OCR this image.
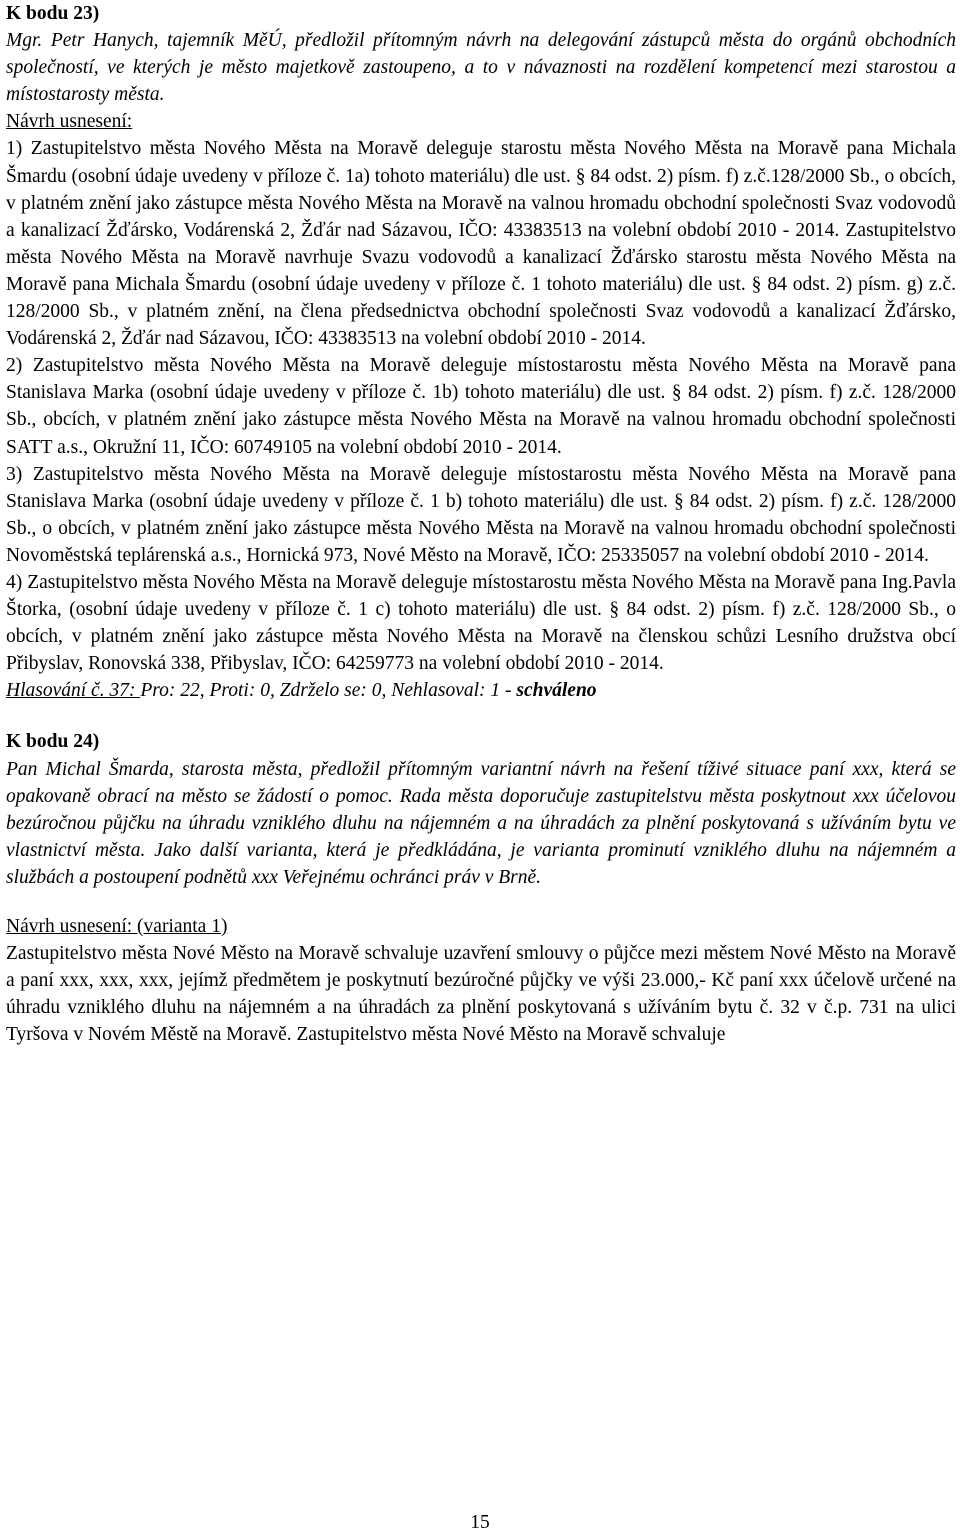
K bodu 23)

Mgr. Petr Hanych, tajemník MěÚ, předložil přítomným návrh na delegování zástupců města do orgánů obchodních společností, ve kterých je město majetkově zastoupeno, a to v návaznosti na rozdělení kompetencí mezi starostou a místostarosty města.

Návrh usnesení:

1) Zastupitelstvo města Nového Města na Moravě deleguje starostu města Nového Města na Moravě pana Michala Šmardu (osobní údaje uvedeny v příloze č. 1a) tohoto materiálu) dle ust. § 84 odst. 2) písm. f) z.č.128/2000 Sb., o obcích, v platném znění jako zástupce města Nového Města na Moravě na valnou hromadu obchodní společnosti Svaz vodovodů a kanalizací Žďársko, Vodárenská 2, Žďár nad Sázavou, IČO: 43383513 na volební období 2010 - 2014. Zastupitelstvo města Nového Města na Moravě navrhuje Svazu vodovodů a kanalizací Žďársko starostu města Nového Města na Moravě pana Michala Šmardu (osobní údaje uvedeny v příloze č. 1 tohoto materiálu) dle ust. § 84 odst. 2) písm. g) z.č. 128/2000 Sb., v platném znění, na člena předsednictva obchodní společnosti Svaz vodovodů a kanalizací Žďársko, Vodárenská 2, Žďár nad Sázavou, IČO: 43383513 na volební období 2010 - 2014.

2) Zastupitelstvo města Nového Města na Moravě deleguje místostarostu města Nového Města na Moravě pana Stanislava Marka (osobní údaje uvedeny v příloze č. 1b) tohoto materiálu) dle ust. § 84 odst. 2) písm. f) z.č. 128/2000 Sb., obcích, v platném znění jako zástupce města Nového Města na Moravě na valnou hromadu obchodní společnosti SATT a.s., Okružní 11, IČO: 60749105 na volební období 2010 - 2014.

3) Zastupitelstvo města Nového Města na Moravě deleguje místostarostu města Nového Města na Moravě pana Stanislava Marka (osobní údaje uvedeny v příloze č. 1 b) tohoto materiálu) dle ust. § 84 odst. 2) písm. f) z.č. 128/2000 Sb., o obcích, v platném znění jako zástupce města Nového Města na Moravě na valnou hromadu obchodní společnosti Novoměstská teplárenská a.s., Hornická 973, Nové Město na Moravě, IČO: 25335057 na volební období 2010 - 2014.

4) Zastupitelstvo města Nového Města na Moravě deleguje místostarostu města Nového Města na Moravě pana Ing.Pavla Štorka, (osobní údaje uvedeny v příloze č. 1 c) tohoto materiálu) dle ust. § 84 odst. 2) písm. f) z.č. 128/2000 Sb., o obcích, v platném znění jako zástupce města Nového Města na Moravě na členskou schůzi Lesního družstva obcí Přibyslav, Ronovská 338, Přibyslav, IČO: 64259773 na volební období 2010 - 2014.

Hlasování č. 37: Pro: 22, Proti: 0, Zdrželo se: 0, Nehlasoval: 1 - schváleno

K bodu 24)

Pan Michal Šmarda, starosta města, předložil přítomným variantní návrh na řešení tíživé situace paní xxx, která se opakovaně obrací na město se žádostí o pomoc. Rada města doporučuje zastupitelstvu města poskytnout xxx účelovou bezúročnou půjčku na úhradu vzniklého dluhu na nájemném a na úhradách za plnění poskytovaná s užíváním bytu ve vlastnictví města. Jako další varianta, která je předkládána, je varianta prominutí vzniklého dluhu na nájemném a službách a postoupení podnětů xxx Veřejnému ochránci práv v Brně.

Návrh usnesení: (varianta 1)

Zastupitelstvo města Nové Město na Moravě schvaluje uzavření smlouvy o půjčce mezi městem Nové Město na Moravě a paní xxx, xxx, xxx, jejímž předmětem je poskytnutí bezúročné půjčky ve výši 23.000,- Kč paní xxx účelově určené na úhradu vzniklého dluhu na nájemném a na úhradách za plnění poskytovaná s užíváním bytu č. 32 v č.p. 731 na ulici Tyršova v Novém Městě na Moravě. Zastupitelstvo města Nové Město na Moravě schvaluje

15
